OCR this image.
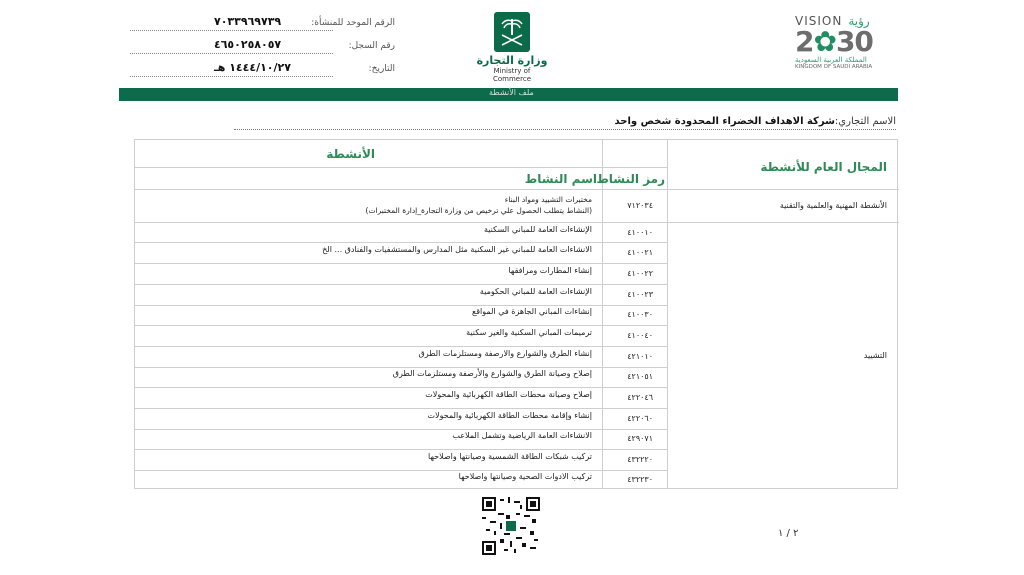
الرقم الموحد للمنشأة:
٧٠٣٣٩٦٩٧٣٩
رقم السجل:
٤٦٥٠٢٥٨٠٥٧
التاريخ:
١٤٤٤/١٠/٢٧ هـ
وزارة التجارة
Ministry of Commerce
VISION رؤية
2✿30
المملكة العربية السعودية
KINGDOM OF SAUDI ARABIA
ملف الأنشطة
الاسم التجاري:شركة الاهداف الخضراء المحدودة شخص واحد
المجال العام للأنشطة
الأنشطة
رمز النشاط
اسم النشاط
الأنشطة المهنية والعلمية والتقنية
٧١٢٠٣٤
مختبرات التشييد ومواد البناء
(النشاط يتطلب الحصول علي ترخيص من وزارة التجارة_إدارة المختبرات)
التشييد
٤١٠٠١٠
الإنشاءات العامة للمباني السكنية
٤١٠٠٢١
الانشاءات العامة للمباني غير السكنية مثل المدارس والمستشفيات والفنادق ... الخ
٤١٠٠٢٢
إنشاء المطارات ومرافقها
٤١٠٠٢٣
الإنشاءات العامة للمباني الحكومية
٤١٠٠٣٠
إنشاءات المباني الجاهزة في المواقع
٤١٠٠٤٠
ترميمات المباني السكنية والغير سكنية
٤٢١٠١٠
إنشاء الطرق والشوارع والارصفة ومستلزمات الطرق
٤٢١٠٥١
إصلاح وصيانة الطرق والشوارع والأرصفة ومستلزمات الطرق
٤٢٢٠٤٦
إصلاح وصيانة محطات الطاقة الكهربائية والمحولات
٤٢٢٠٦٠
إنشاء وإقامة محطات الطاقة الكهربائية والمحولات
٤٢٩٠٧١
الانشاءات العامة الرياضية وتشمل الملاعب
٤٣٢٢٢٠
تركيب شبكات الطاقة الشمسية وصيانتها واصلاحها
٤٣٢٢٣٠
تركيب الادوات الصحية وصيانتها واصلاحها
٢ / ١
